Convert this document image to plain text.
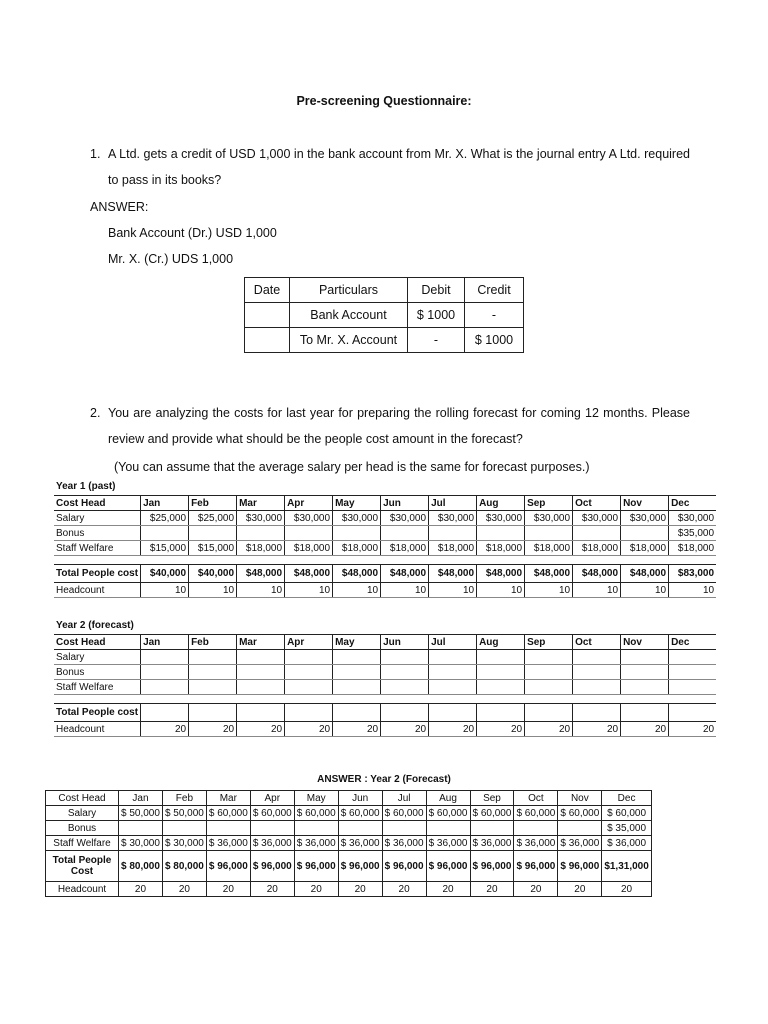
Pre-screening Questionnaire:
1. A Ltd. gets a credit of USD 1,000 in the bank account from Mr. X. What is the journal entry A Ltd. required to pass in its books?
ANSWER:
Bank Account (Dr.) USD 1,000
Mr. X. (Cr.) UDS 1,000
Date	Particulars	Debit	Credit
	Bank Account	$ 1000	-
	To Mr. X. Account	-	$ 1000
2. You are analyzing the costs for last year for preparing the rolling forecast for coming 12 months. Please review and provide what should be the people cost amount in the forecast?
(You can assume that the average salary per head is the same for forecast purposes.)
Year 1 (past)
Cost Head	Jan	Feb	Mar	Apr	May	Jun	Jul	Aug	Sep	Oct	Nov	Dec
Salary	$25,000	$25,000	$30,000	$30,000	$30,000	$30,000	$30,000	$30,000	$30,000	$30,000	$30,000	$30,000
Bonus												$35,000
Staff Welfare	$15,000	$15,000	$18,000	$18,000	$18,000	$18,000	$18,000	$18,000	$18,000	$18,000	$18,000	$18,000

Total People cost	$40,000	$40,000	$48,000	$48,000	$48,000	$48,000	$48,000	$48,000	$48,000	$48,000	$48,000	$83,000
Headcount	10	10	10	10	10	10	10	10	10	10	10	10
Year 2 (forecast)
Cost Head	Jan	Feb	Mar	Apr	May	Jun	Jul	Aug	Sep	Oct	Nov	Dec
Salary												
Bonus												
Staff Welfare												

Total People cost												
Headcount	20	20	20	20	20	20	20	20	20	20	20	20
ANSWER : Year 2 (Forecast)
Cost Head	Jan	Feb	Mar	Apr	May	Jun	Jul	Aug	Sep	Oct	Nov	Dec
Salary	$ 50,000	$ 50,000	$ 60,000	$ 60,000	$ 60,000	$ 60,000	$ 60,000	$ 60,000	$ 60,000	$ 60,000	$ 60,000	$ 60,000
Bonus												$ 35,000
Staff Welfare	$ 30,000	$ 30,000	$ 36,000	$ 36,000	$ 36,000	$ 36,000	$ 36,000	$ 36,000	$ 36,000	$ 36,000	$ 36,000	$ 36,000
Total People Cost	$ 80,000	$ 80,000	$ 96,000	$ 96,000	$ 96,000	$ 96,000	$ 96,000	$ 96,000	$ 96,000	$ 96,000	$ 96,000	$1,31,000
Headcount	20	20	20	20	20	20	20	20	20	20	20	20
